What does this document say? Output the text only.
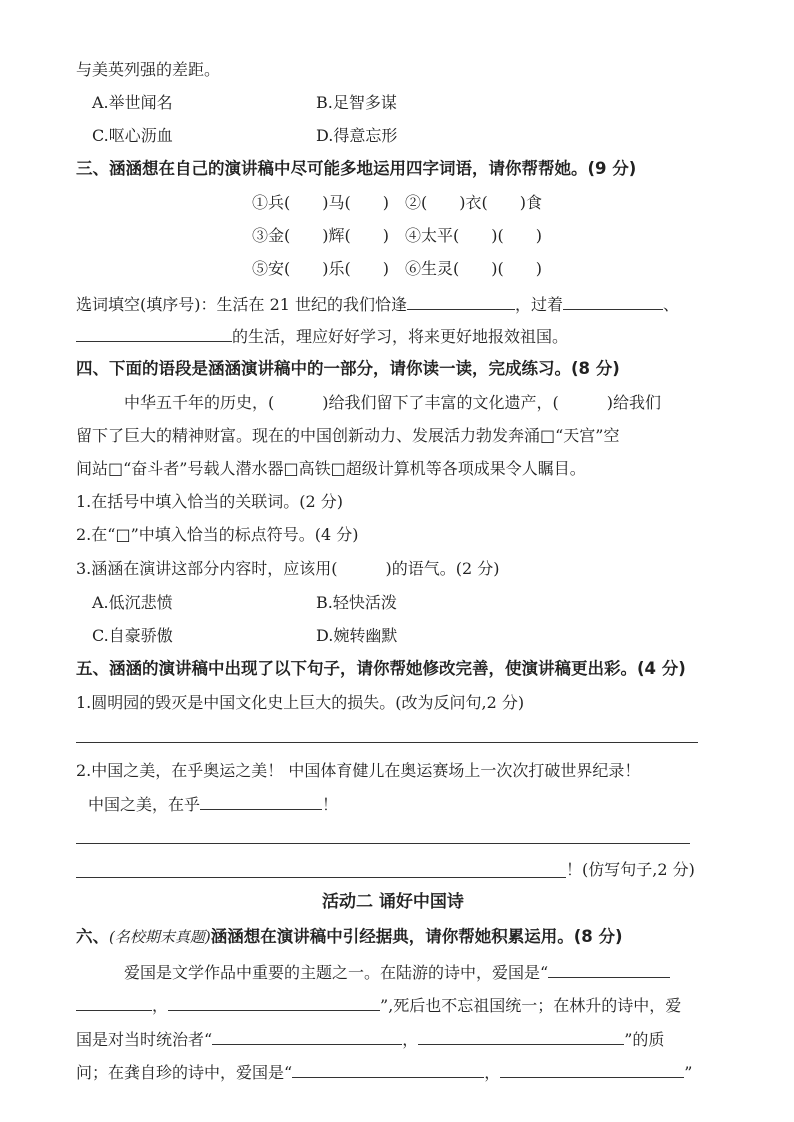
与美英列强的差距。
A.举世闻名	B.足智多谋
C.呕心沥血	D.得意忘形
三、涵涵想在自己的演讲稿中尽可能多地运用四字词语，请你帮帮她。(9 分)
①兵(　　)马(　　)　②(　　)衣(　　)食
③金(　　)辉(　　)　④太平(　　)(　　)
⑤安(　　)乐(　　)　⑥生灵(　　)(　　)
选词填空(填序号)：生活在 21 世纪的我们恰逢	，过着	、
的生活，理应好好学习，将来更好地报效祖国。
四、下面的语段是涵涵演讲稿中的一部分，请你读一读，完成练习。(8 分)
中华五千年的历史，(　　　)给我们留下了丰富的文化遗产，(　　　)给我们
留下了巨大的精神财富。现在的中国创新动力、发展活力勃发奔涌□“天宫”空
间站□“奋斗者”号载人潜水器□高铁□超级计算机等各项成果令人瞩目。
1.在括号中填入恰当的关联词。(2 分)
2.在“□”中填入恰当的标点符号。(4 分)
3.涵涵在演讲这部分内容时，应该用(　　　)的语气。(2 分)
A.低沉悲愤	B.轻快活泼
C.自豪骄傲	D.婉转幽默
五、涵涵的演讲稿中出现了以下句子，请你帮她修改完善，使演讲稿更出彩。(4 分)
1.圆明园的毁灭是中国文化史上巨大的损失。(改为反问句,2 分)
2.中国之美，在乎奥运之美！ 中国体育健儿在奥运赛场上一次次打破世界纪录！
中国之美，在乎	！
！(仿写句子,2 分)
活动二 诵好中国诗
六、(名校期末真题)涵涵想在演讲稿中引经据典，请你帮她积累运用。(8 分)
爱国是文学作品中重要的主题之一。在陆游的诗中，爱国是“
，	”,死后也不忘祖国统一；在林升的诗中，爱
国是对当时统治者“	，	”的质
问；在龚自珍的诗中，爱国是“	，	”
